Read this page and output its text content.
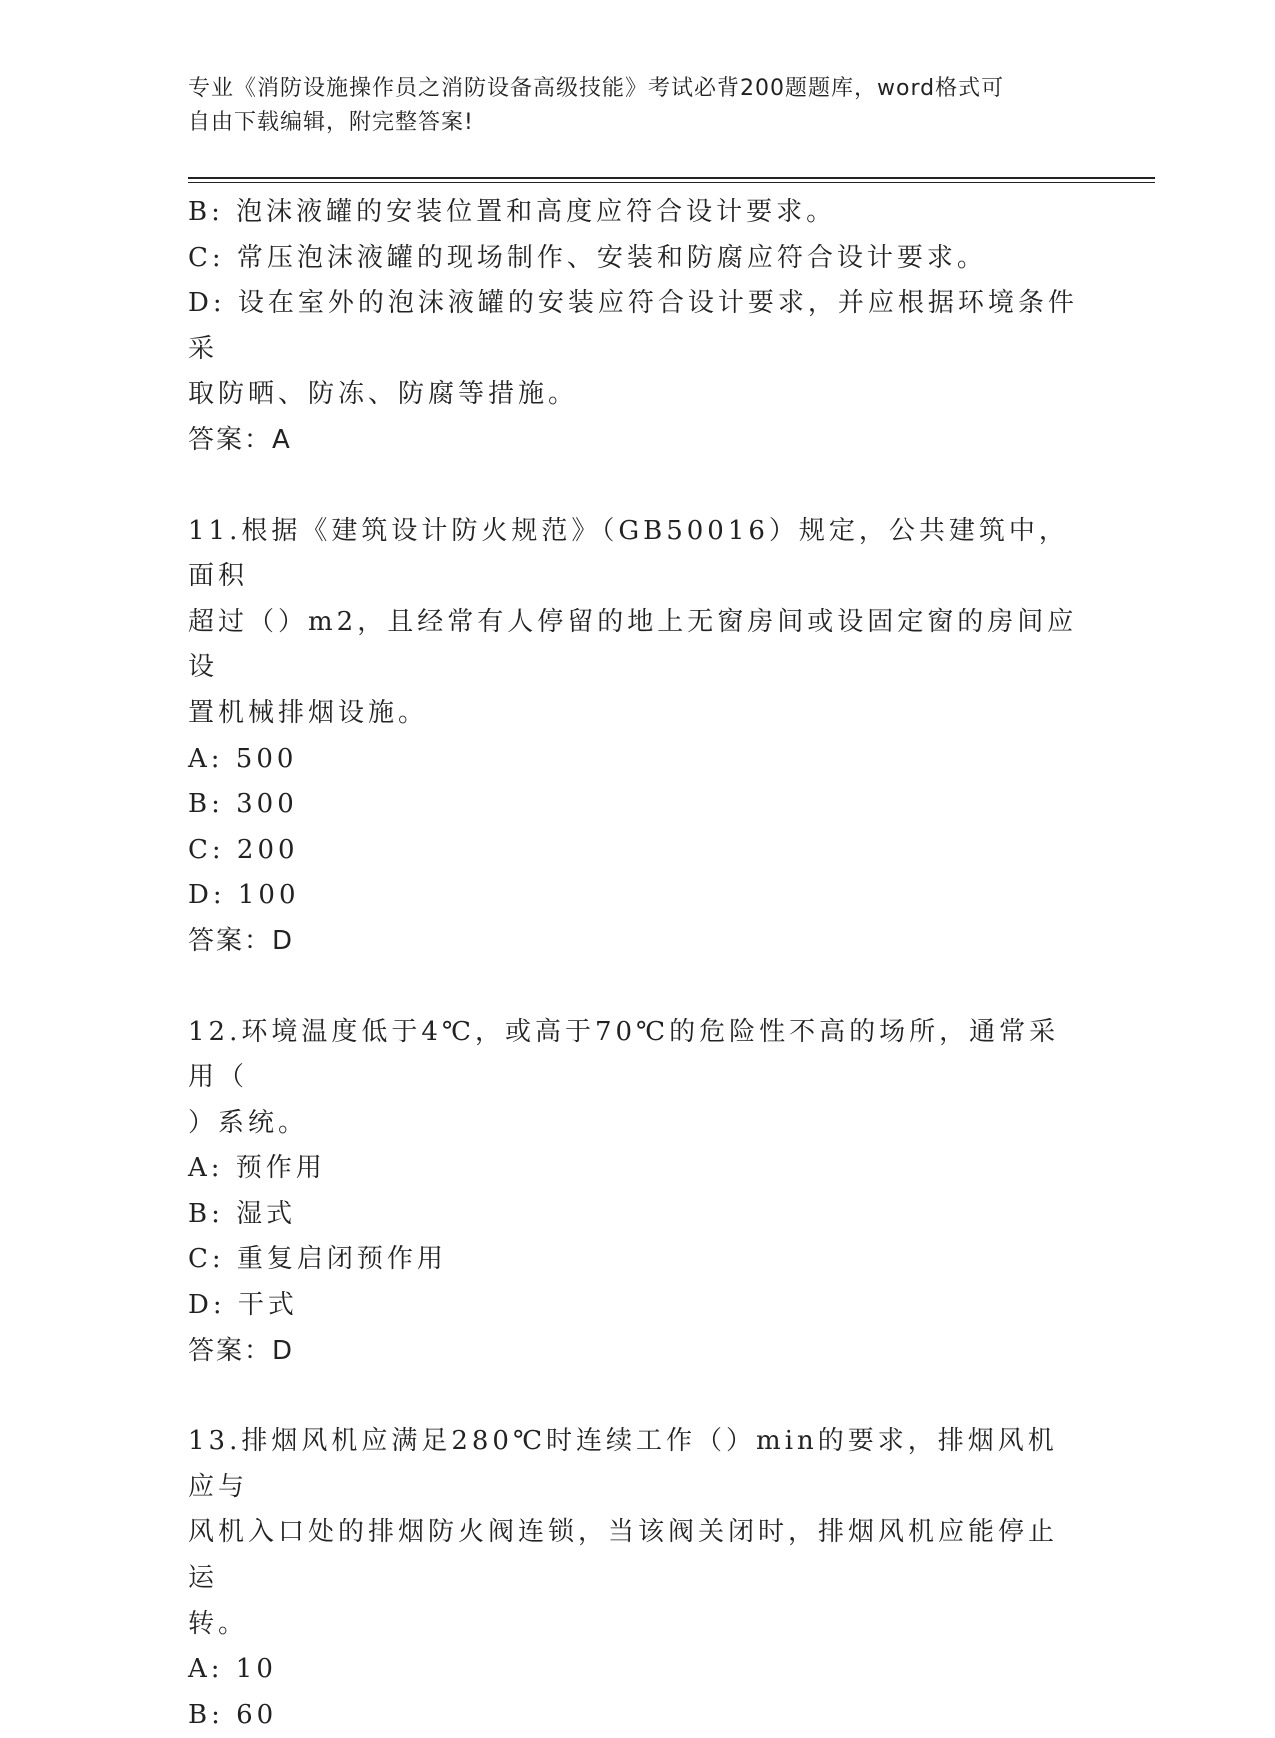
专业《消防设施操作员之消防设备高级技能》考试必背200题题库，word格式可
自由下载编辑，附完整答案!

B: 泡沫液罐的安装位置和高度应符合设计要求。

C: 常压泡沫液罐的现场制作、安装和防腐应符合设计要求。

D: 设在室外的泡沫液罐的安装应符合设计要求，并应根据环境条件采

取防晒、防冻、防腐等措施。

答案：A

11.根据《建筑设计防火规范》（GB50016）规定，公共建筑中，面积

超过（）m2，且经常有人停留的地上无窗房间或设固定窗的房间应设

置机械排烟设施。

A: 500

B: 300

C: 200

D: 100

答案：D

12.环境温度低于4℃，或高于70℃的危险性不高的场所，通常采用（

）系统。

A: 预作用

B: 湿式

C: 重复启闭预作用

D: 干式

答案：D

13.排烟风机应满足280℃时连续工作（）min的要求，排烟风机应与

风机入口处的排烟防火阀连锁，当该阀关闭时，排烟风机应能停止运

转。

A: 10

B: 60
